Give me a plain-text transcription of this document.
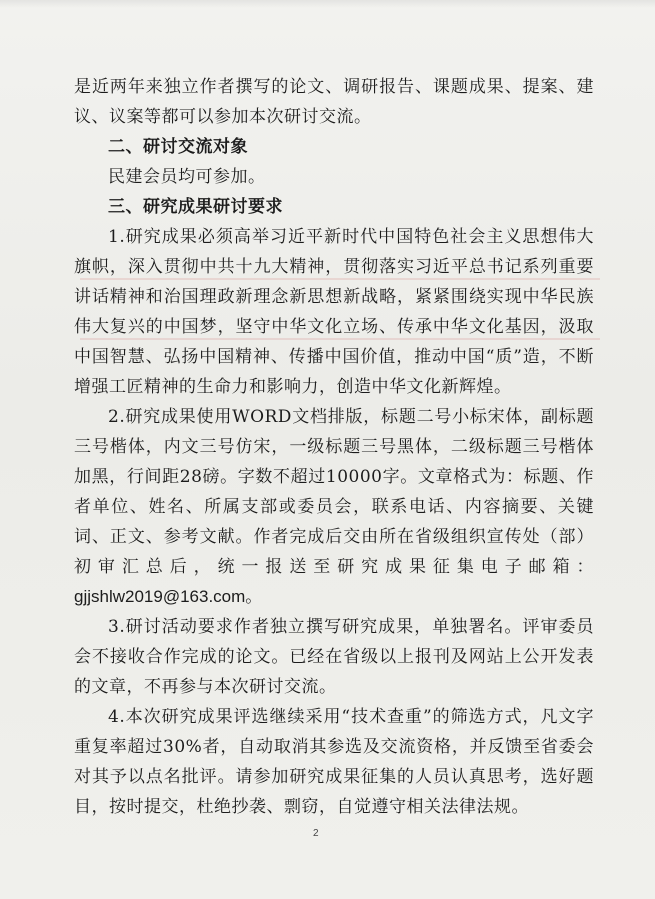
是近两年来独立作者撰写的论文、调研报告、课题成果、提案、建议、议案等都可以参加本次研讨交流。

二、研讨交流对象

民建会员均可参加。

三、研究成果研讨要求

1.研究成果必须高举习近平新时代中国特色社会主义思想伟大旗帜，深入贯彻中共十九大精神，贯彻落实习近平总书记系列重要讲话精神和治国理政新理念新思想新战略，紧紧围绕实现中华民族伟大复兴的中国梦，坚守中华文化立场、传承中华文化基因，汲取中国智慧、弘扬中国精神、传播中国价值，推动中国“质”造，不断增强工匠精神的生命力和影响力，创造中华文化新辉煌。

2.研究成果使用WORD文档排版，标题二号小标宋体，副标题三号楷体，内文三号仿宋，一级标题三号黑体，二级标题三号楷体加黑，行间距28磅。字数不超过10000字。文章格式为：标题、作者单位、姓名、所属支部或委员会，联系电话、内容摘要、关键词、正文、参考文献。作者完成后交由所在省级组织宣传处（部）初审汇总后，统一报送至研究成果征集电子邮箱：gjjshlw2019@163.com。

3.研讨活动要求作者独立撰写研究成果，单独署名。评审委员会不接收合作完成的论文。已经在省级以上报刊及网站上公开发表的文章，不再参与本次研讨交流。

4.本次研究成果评选继续采用“技术查重”的筛选方式，凡文字重复率超过30%者，自动取消其参选及交流资格，并反馈至省委会对其予以点名批评。请参加研究成果征集的人员认真思考，选好题目，按时提交，杜绝抄袭、剽窃，自觉遵守相关法律法规。

2
